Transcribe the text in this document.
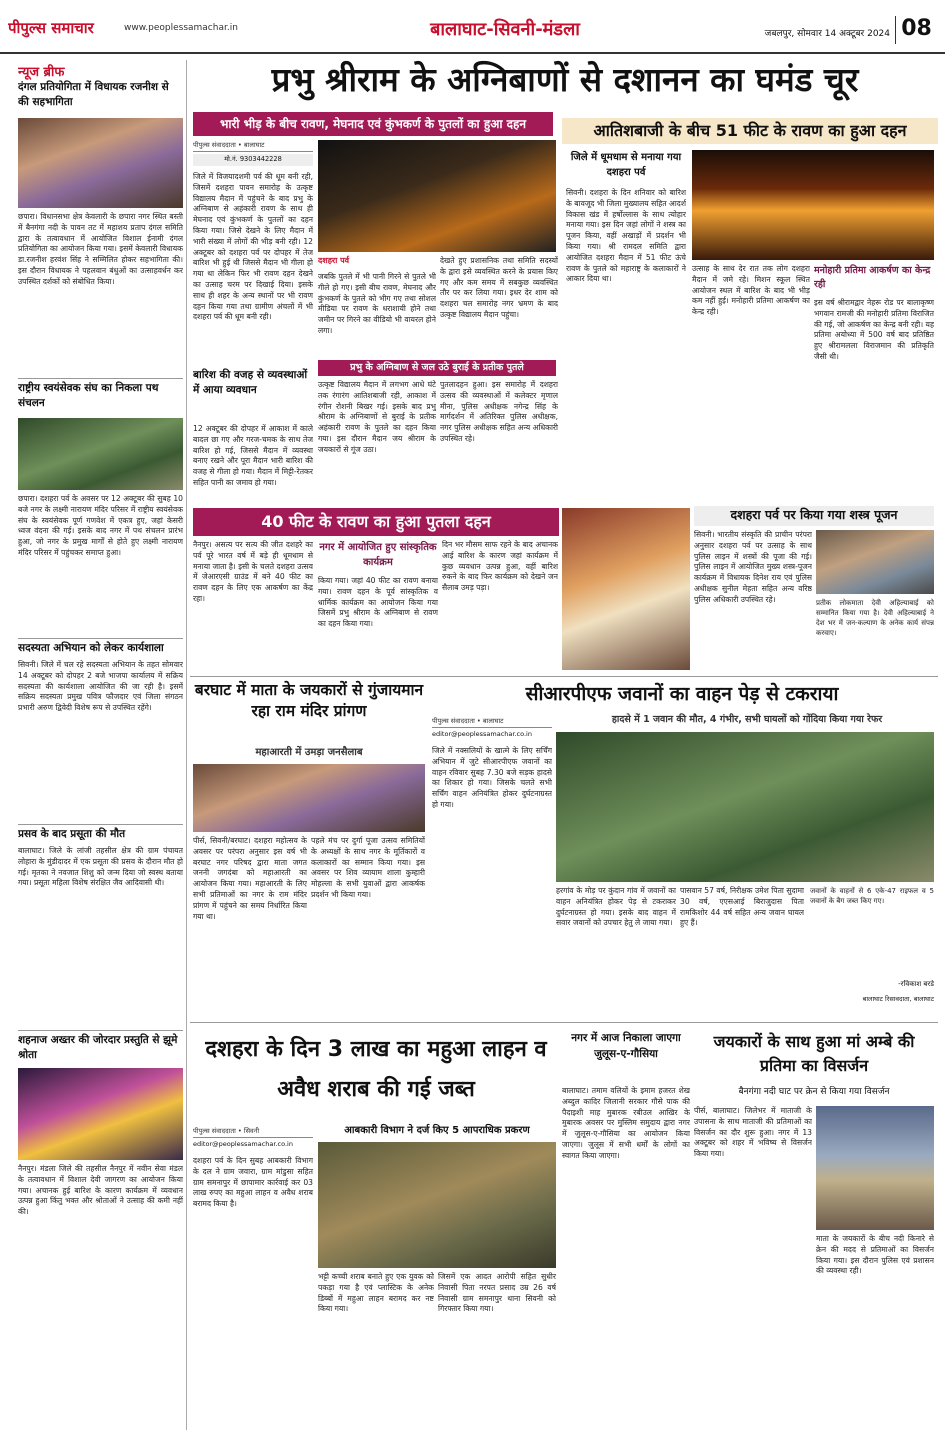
पीपुल्स समाचार	www.peoplessamachar.in	बालाघाट-सिवनी-मंडला	जबलपुर, सोमवार 14 अक्टूबर 2024 08
न्यूज ब्रीफ
दंगल प्रतियोगिता में विधायक रजनीश से की सहभागिता
छपारा। विधानसभा क्षेत्र केवलारी के छपारा नगर स्थित बस्ती में बैनगंगा नदी के पावन तट में महाशय प्रताप दंगल समिति द्वारा के तत्वावधान में आयोजित विशाल ईनामी दंगल प्रतियोगिता का आयोजन किया गया। इसमें केवलारी विधायक डा.रजनीश हरवंश सिंह ने सम्मिलित होकर सहभागिता की। इस दौरान विधायक ने पहलवान बंधुओं का उत्साहवर्धन कर उपस्थित दर्शकों को संबोधित किया।
राष्ट्रीय स्वयंसेवक संघ का निकला पथ संचलन
छपारा। दशहरा पर्व के अवसर पर 12 अक्टूबर की सुबह 10 बजे नगर के लक्ष्मी नारायण मंदिर परिसर में राष्ट्रीय स्वयंसेवक संघ के स्वयंसेवक पूर्ण गणवेश में एकत्र हुए, जहां केसरी ध्वज वंदना की गई। इसके बाद नगर में पथ संचलन प्रारंभ हुआ, जो नगर के प्रमुख मार्गों से होते हुए लक्ष्मी नारायण मंदिर परिसर में पहुंचकर समाप्त हुआ।
सदस्यता अभियान को लेकर कार्यशाला
सिवनी। जिले में चल रहे सदस्यता अभियान के तहत सोमवार 14 अक्टूबर को दोपहर 2 बजे भाजपा कार्यालय में सक्रिय सदस्यता की कार्यशाला आयोजित की जा रही है। इसमें सक्रिय सदस्यता प्रमुख पवित्र फौजदार एवं जिला संगठन प्रभारी अरुण द्विवेदी विशेष रूप से उपस्थित रहेंगे।
प्रसव के बाद प्रसूता की मौत
बालाघाट। जिले के लांजी तहसील क्षेत्र की ग्राम पंचायत लोहारा के मुंडीदादर में एक प्रसूता की प्रसव के दौरान मौत हो गई। मृतका ने नवजात शिशु को जन्म दिया जो स्वस्थ बताया गया। प्रसूता महिला विशेष संरक्षित जैव आदिवासी थी।
शहनाज अख्तर की जोरदार प्रस्तुति से झूमे श्रोता
नैनपुर। मंडला जिले की तहसील नैनपुर में नवीन सेवा मंडल के तत्वावधान में विशाल देवी जागरण का आयोजन किया गया। अचानक हुई बारिश के कारण कार्यक्रम में व्यवधान उत्पन्न हुआ किंतु भक्त और श्रोताओं ने उत्साह की कमी नहीं की।
प्रभु श्रीराम के अग्निबाणों से दशानन का घमंड चूर
भारी भीड़ के बीच रावण, मेघनाद एवं कुंभकर्ण के पुतलों का हुआ दहन
पीपुल्स संवाददाता • बालाघाट
मो.नं. 9303442228
जिले में विजयादशमी पर्व की धूम बनी रही, जिसमें दशहरा पावन समारोह के उत्कृष्ट विद्यालय मैदान में पहुंचने के बाद प्रभु के अग्निबाण से अहंकारी रावण के साथ ही मेघनाद एवं कुंभकर्ण के पुतलों का दहन किया गया। जिसे देखने के लिए मैदान में भारी संख्या में लोगों की भीड़ बनी रही। 12 अक्टूबर को दशहरा पर्व पर दोपहर में तेज बारिश भी हुई थी जिससे मैदान भी गीला हो गया था लेकिन फिर भी रावण दहन देखने का उत्साह चरम पर दिखाई दिया। इसके साथ ही शहर के अन्य स्थानों पर भी रावण दहन किया गया तथा ग्रामीण अंचलों में भी दशहरा पर्व की धूम बनी रही।
बारिश की वजह से व्यवस्थाओं में आया व्यवधान
12 अक्टूबर की दोपहर में आकाश में काले बादल छा गए और गरज-चमक के साथ तेज बारिश हो गई, जिससे मैदान में व्यवस्था बनाए रखने और पूरा मैदान भारी बारिश की वजह से गीला हो गया। मैदान में मिट्टी-रेतकर सहित पानी का जमाव हो गया।
दशहरा पर्व
जबकि पुतले में भी पानी गिरने से पुतले भी गीले हो गए। इसी बीच रावण, मेघनाद और कुंभकर्ण के पुतले को भीग गए तथा सोशल मीडिया पर रावण के धराशायी होने तथा जमीन पर गिरने का वीडियो भी वायरल होने लगा।
देखते हुए प्रशासनिक तथा समिति सदस्यों के द्वारा इसे व्यवस्थित करने के प्रयास किए गए और कम समय में सबकुछ व्यवस्थित तौर पर कर लिया गया। इधर देर शाम को दशहरा चल समारोह नगर भ्रमण के बाद उत्कृष्ट विद्यालय मैदान पहुंचा।
प्रभु के अग्निबाण से जल उठे बुराई के प्रतीक पुतले
उत्कृष्ट विद्यालय मैदान में लगभग आधे घंटे तक रंगारंग आतिशबाजी रही, आकाश में रंगीन रोशनी बिखर गई। इसके बाद प्रभु श्रीराम के अग्निबाणों से बुराई के प्रतीक अहंकारी रावण के पुतले का दहन किया गया। इस दौरान मैदान जय श्रीराम के जयकारों से गूंज उठा।
पुतलादहन हुआ। इस समारोह में दशहरा उत्सव की व्यवस्थाओं में कलेक्टर मृणाल मीना, पुलिस अधीक्षक नगेन्द्र सिंह के मार्गदर्शन में अतिरिक्त पुलिस अधीक्षक, नगर पुलिस अधीक्षक सहित अन्य अधिकारी उपस्थित रहे।
आतिशबाजी के बीच 51 फीट के रावण का हुआ दहन
जिले में धूमधाम से मनाया गया दशहरा पर्व
सिवनी। दशहरा के दिन शनिवार को बारिश के बावजूद भी जिला मुख्यालय सहित आदर्श विकास खंड में हर्षोल्लास के साथ त्योहार मनाया गया। इस दिन जहां लोगों ने शस्त्र का पूजन किया, वहीं अखाड़ों में प्रदर्शन भी किया गया। श्री रामदल समिति द्वारा आयोजित दशहरा मैदान में 51 फीट ऊंचे रावण के पुतले को महाराष्ट्र के कलाकारों ने आकार दिया था।
उत्साह के साथ देर रात तक लोग दशहरा मैदान में जमे रहे। मिशन स्कूल स्थित आयोजन स्थल में बारिश के बाद भी भीड़ कम नहीं हुई। मनोहारी प्रतिमा आकर्षण का केन्द्र रही।
मनोहारी प्रतिमा आकर्षण का केन्द्र रही
इस वर्ष श्रीरामद्वार नेहरू रोड पर बालाकृष्ण भगवान रामजी की मनोहारी प्रतिमा विराजित की गई, जो आकर्षण का केन्द्र बनी रही। यह प्रतिमा अयोध्या में 500 वर्ष बाद प्रतिष्ठित हुए श्रीरामलला विराजमान की प्रतिकृति जैसी थी।
40 फीट के रावण का हुआ पुतला दहन
नगर में आयोजित हुए सांस्कृतिक कार्यक्रम
नैनपुर। असत्य पर सत्य की जीत दशहरे का पर्व पूरे भारत वर्ष में बड़े ही धूमधाम से मनाया जाता है। इसी के चलते दशहरा उत्सव में जेआरएसी ग्राउंड में बने 40 फीट का रावण दहन के लिए एक आकर्षण का केंद्र रहा।
किया गया। जहां 40 फीट का रावण बनाया गया। रावण दहन के पूर्व सांस्कृतिक व धार्मिक कार्यक्रम का आयोजन किया गया जिसमें प्रभु श्रीराम के अग्निबाण से रावण का दहन किया गया।
दिन भर मौसम साफ रहने के बाद अचानक आई बारिश के कारण जहां कार्यक्रम में कुछ व्यवधान उत्पन्न हुआ, वहीं बारिश रुकने के बाद फिर कार्यक्रम को देखने जन सैलाब उमड़ पड़ा।
दशहरा पर्व पर किया गया शस्त्र पूजन
सिवनी। भारतीय संस्कृति की प्राचीन परंपरा अनुसार दशहरा पर्व पर उत्साह के साथ पुलिस लाइन में शस्त्रों की पूजा की गई। पुलिस लाइन में आयोजित मुख्य शस्त्र-पूजन कार्यक्रम में विधायक दिनेश राय एवं पुलिस अधीक्षक सुनील मेहता सहित अन्य वरिष्ठ पुलिस अधिकारी उपस्थित रहे।	प्रतीक लोकमाता देवी अहिल्याबाई को सम्मानित किया गया है। देवी अहिल्याबाई ने देश भर में जन-कल्याण के अनेक कार्य संपन्न करवाए।
बरघाट में माता के जयकारों से गुंजायमान रहा राम मंदिर प्रांगण
महाआरती में उमड़ा जनसैलाब
पीर्स, सिवनी/बरघाट। दशहरा महोत्सव के अवसर पर परंपरा अनुसार इस वर्ष भी बरघाट नगर परिषद द्वारा माता जगत जननी जगदंबा को महाआरती का आयोजन किया गया। महाआरती के लिए सभी प्रतिमाओं का नगर के राम मंदिर प्रांगण में पहुंचने का समय निर्धारित किया गया था।
पहले मंच पर दुर्गा पूजा उत्सव समितियों के अध्यक्षों के साथ नगर के मूर्तिकारों व कलाकारों का सम्मान किया गया। इस अवसर पर शिव व्यायाम शाला कुम्हारी मोहल्ला के सभी युवाओं द्वारा आकर्षक प्रदर्शन भी किया गया।
सीआरपीएफ जवानों का वाहन पेड़ से टकराया
हादसे में 1 जवान की मौत, 4 गंभीर, सभी घायलों को गोंदिया किया गया रेफर
पीपुल्स संवाददाता • बालाघाट
editor@peoplessamachar.co.in
जिले में नक्सलियों के खात्मे के लिए सर्चिंग अभियान में जुटे सीआरपीएफ जवानों का वाहन रविवार सुबह 7.30 बजे सड़क हादसे का शिकार हो गया। जिसके चलते सभी सर्चिंग वाहन अनियंत्रित होकर दुर्घटनाग्रस्त हो गया।
हरगांव के मोड़ पर कुंदान गांव में जवानों का वाहन अनियंत्रित होकर पेड़ से टकराकर दुर्घटनाग्रस्त हो गया। इसके बाद वाहन में सवार जवानों को उपचार हेतु ले जाया गया।
पासवान 57 वर्ष, निरीक्षक उमेश पिता सुदामा 30 वर्ष, एएसआई बिराजुदास पिता रामकिशोर 44 वर्ष सहित अन्य जवान घायल हुए हैं।
जवानों के वाहनों से 6 एके-47 राइफल व 5 जवानों के बैग जब्त किए गए।
-रविकाश बरडे
बालाघाट रिसावदाता, बालाघाट
दशहरा के दिन 3 लाख का महुआ लाहन व अवैध शराब की गई जब्त
आबकारी विभाग ने दर्ज किए 5 आपराधिक प्रकरण
पीपुल्स संवाददाता • सिवनी
editor@peoplessamachar.co.in
दशहरा पर्व के दिन सुबह आबकारी विभाग के दल ने ग्राम जवारा, ग्राम मांडुसा सहित ग्राम समनापुर में छापामार कार्रवाई कर 03 लाख रुपए का महुआ लाहन व अवैध शराब बरामद किया है।
भट्टी कच्ची शराब बनाते हुए एक युवक को पकड़ा गया है एवं प्लास्टिक के अनेक डिब्बों में महुआ लाहन बरामद कर नष्ट किया गया।
जिसमें एक आदत आरोपी सहित सुधीर निवासी पिता नरपत प्रसाद उम्र 26 वर्ष निवासी ग्राम समनापुर थाना सिवनी को गिरफ्तार किया गया।
नगर में आज निकाला जाएगा जुलूस-ए-गौसिया
बालाघाट। तमाम वलियों के इमाम हजरत शेख अब्दुल कादिर जिलानी सरकार गौसे पाक की पैदाइशी माह मुबारक रबीउल आखिर के मुबारक अवसर पर मुस्लिम समुदाय द्वारा नगर में जुलूस-ए-गौसिया का आयोजन किया जाएगा। जुलूस में सभी धर्मों के लोगों का स्वागत किया जाएगा।
जयकारों के साथ हुआ मां अम्बे की प्रतिमा का विसर्जन
बैनगंगा नदी घाट पर क्रेन से किया गया विसर्जन
पीर्स, बालाघाट। जिलेभर में माताजी के उपासना के साथ माताजी की प्रतिमाओं का विसर्जन का दौर शुरू हुआ। नगर में 13 अक्टूबर को शहर में भविष्य से विसर्जन किया गया।
माता के जयकारों के बीच नदी किनारे से क्रेन की मदद से प्रतिमाओं का विसर्जन किया गया। इस दौरान पुलिस एवं प्रशासन की व्यवस्था रही।
